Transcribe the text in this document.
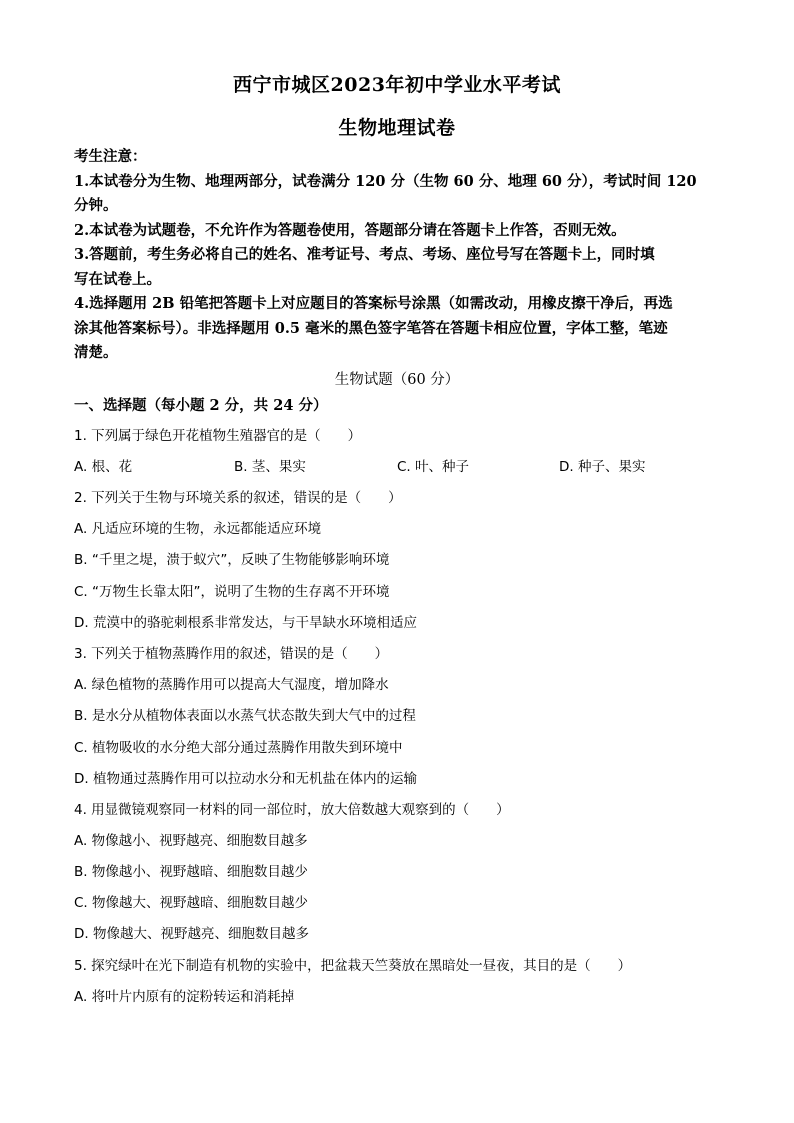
西宁市城区2023年初中学业水平考试
生物地理试卷

考生注意：

1.本试卷分为生物、地理两部分，试卷满分 120 分（生物 60 分、地理 60 分），考试时间 120

分钟。

2.本试卷为试题卷，不允许作为答题卷使用，答题部分请在答题卡上作答，否则无效。

3.答题前，考生务必将自己的姓名、准考证号、考点、考场、座位号写在答题卡上，同时填

写在试卷上。

4.选择题用 2B 铅笔把答题卡上对应题目的答案标号涂黑（如需改动，用橡皮擦干净后，再选

涂其他答案标号）。非选择题用 0.5 毫米的黑色签字笔答在答题卡相应位置，字体工整，笔迹

清楚。

生物试题（60 分）
一、选择题（每小题 2 分，共 24 分）
1. 下列属于绿色开花植物生殖器官的是（　　）
A. 根、花	B. 茎、果实	C. 叶、种子	D. 种子、果实
2. 下列关于生物与环境关系的叙述，错误的是（　　）
A. 凡适应环境的生物，永远都能适应环境
B. “千里之堤，溃于蚁穴”，反映了生物能够影响环境
C. “万物生长靠太阳”，说明了生物的生存离不开环境
D. 荒漠中的骆驼刺根系非常发达，与干旱缺水环境相适应
3. 下列关于植物蒸腾作用的叙述，错误的是（　　）
A. 绿色植物的蒸腾作用可以提高大气湿度，增加降水
B. 是水分从植物体表面以水蒸气状态散失到大气中的过程
C. 植物吸收的水分绝大部分通过蒸腾作用散失到环境中
D. 植物通过蒸腾作用可以拉动水分和无机盐在体内的运输
4. 用显微镜观察同一材料的同一部位时，放大倍数越大观察到的（　　）
A. 物像越小、视野越亮、细胞数目越多
B. 物像越小、视野越暗、细胞数目越少
C. 物像越大、视野越暗、细胞数目越少
D. 物像越大、视野越亮、细胞数目越多
5. 探究绿叶在光下制造有机物的实验中，把盆栽天竺葵放在黑暗处一昼夜，其目的是（　　）
A. 将叶片内原有的淀粉转运和消耗掉
